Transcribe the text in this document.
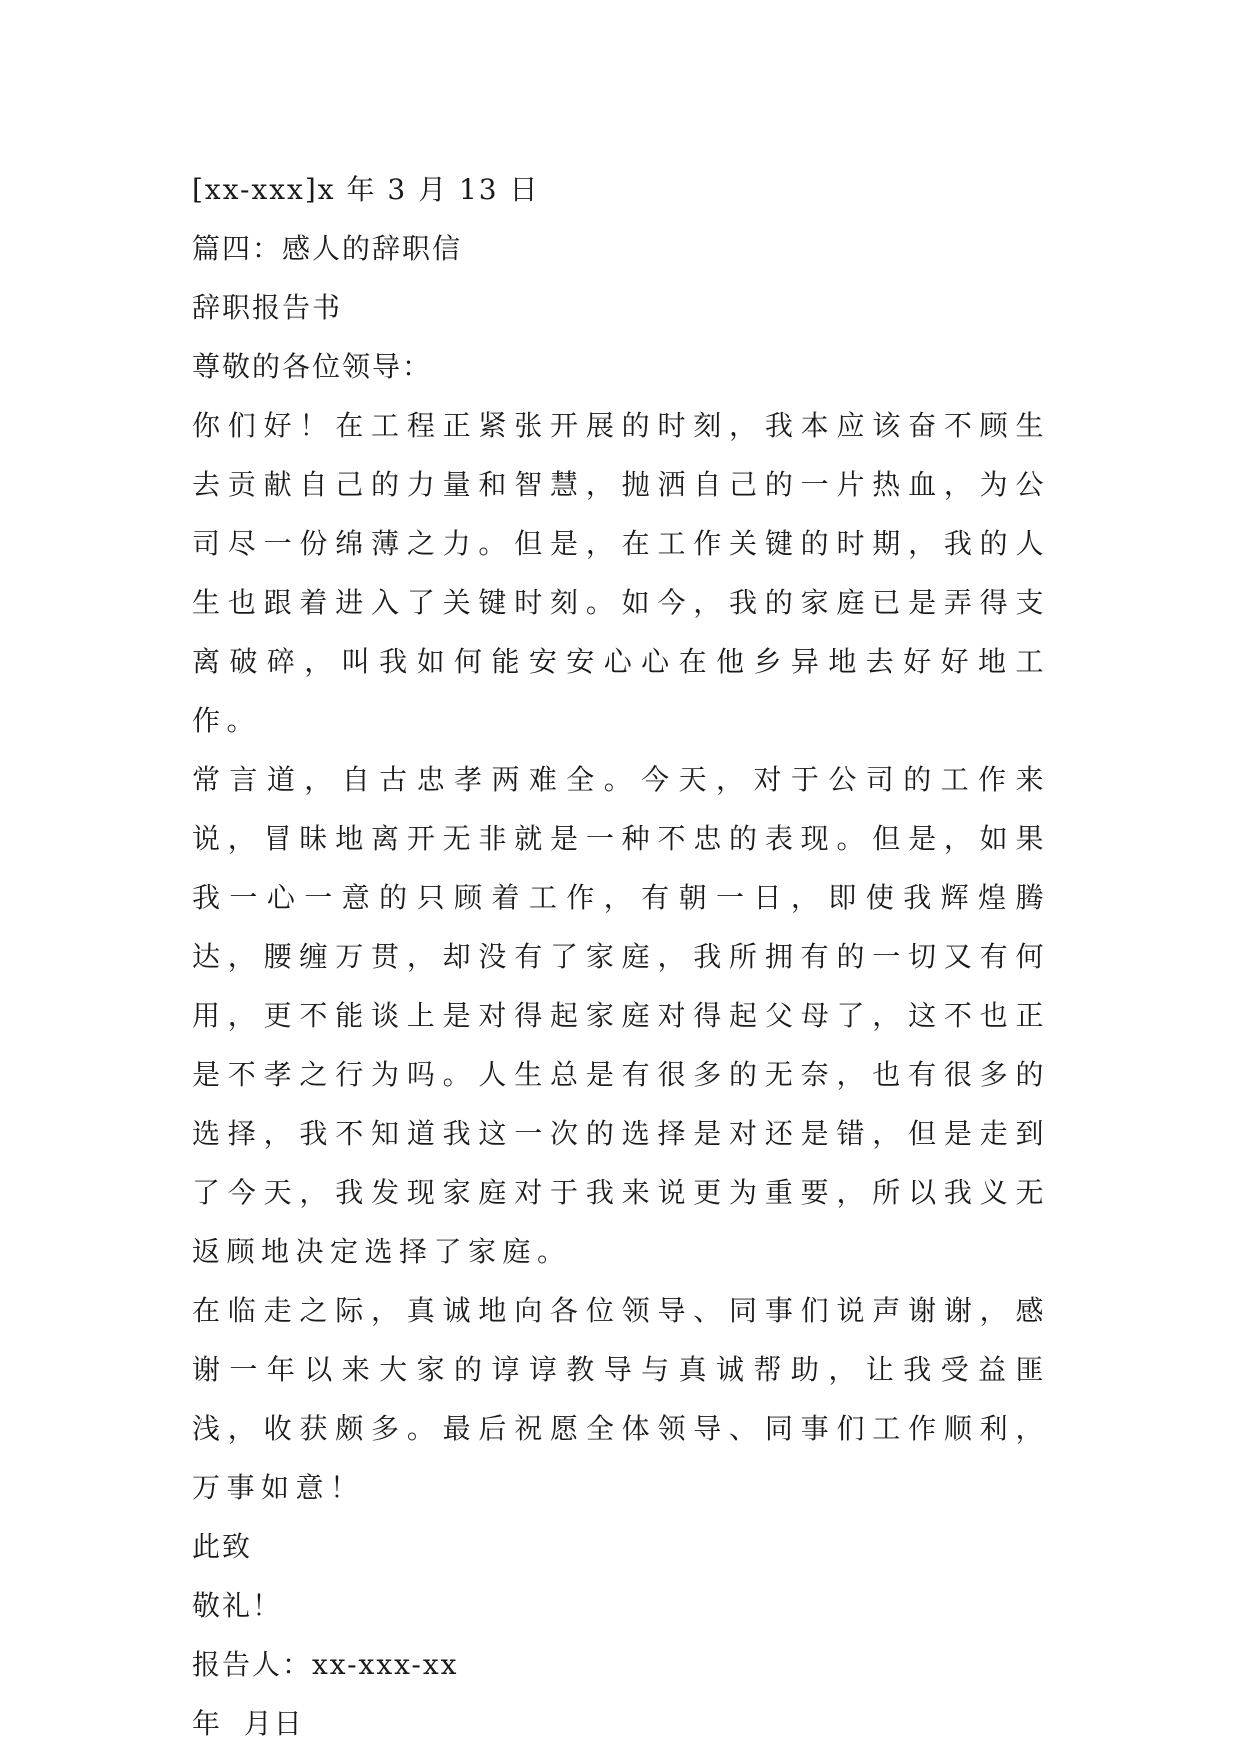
[xx-xxx]x 年 3 月 13 日

篇四：感人的辞职信

辞职报告书

尊敬的各位领导：

你们好！在工程正紧张开展的时刻，我本应该奋不顾生去贡献自己的力量和智慧，抛洒自己的一片热血，为公司尽一份绵薄之力。但是，在工作关键的时期，我的人生也跟着进入了关键时刻。如今，我的家庭已是弄得支离破碎，叫我如何能安安心心在他乡异地去好好地工作。

常言道，自古忠孝两难全。今天，对于公司的工作来说，冒昧地离开无非就是一种不忠的表现。但是，如果我一心一意的只顾着工作，有朝一日，即使我辉煌腾达，腰缠万贯，却没有了家庭，我所拥有的一切又有何用，更不能谈上是对得起家庭对得起父母了，这不也正是不孝之行为吗。人生总是有很多的无奈，也有很多的选择，我不知道我这一次的选择是对还是错，但是走到了今天，我发现家庭对于我来说更为重要，所以我义无返顾地决定选择了家庭。

在临走之际，真诚地向各位领导、同事们说声谢谢，感谢一年以来大家的谆谆教导与真诚帮助，让我受益匪浅，收获颇多。最后祝愿全体领导、同事们工作顺利，万事如意！

此致

敬礼！

报告人：xx-xxx-xx

年  月日
